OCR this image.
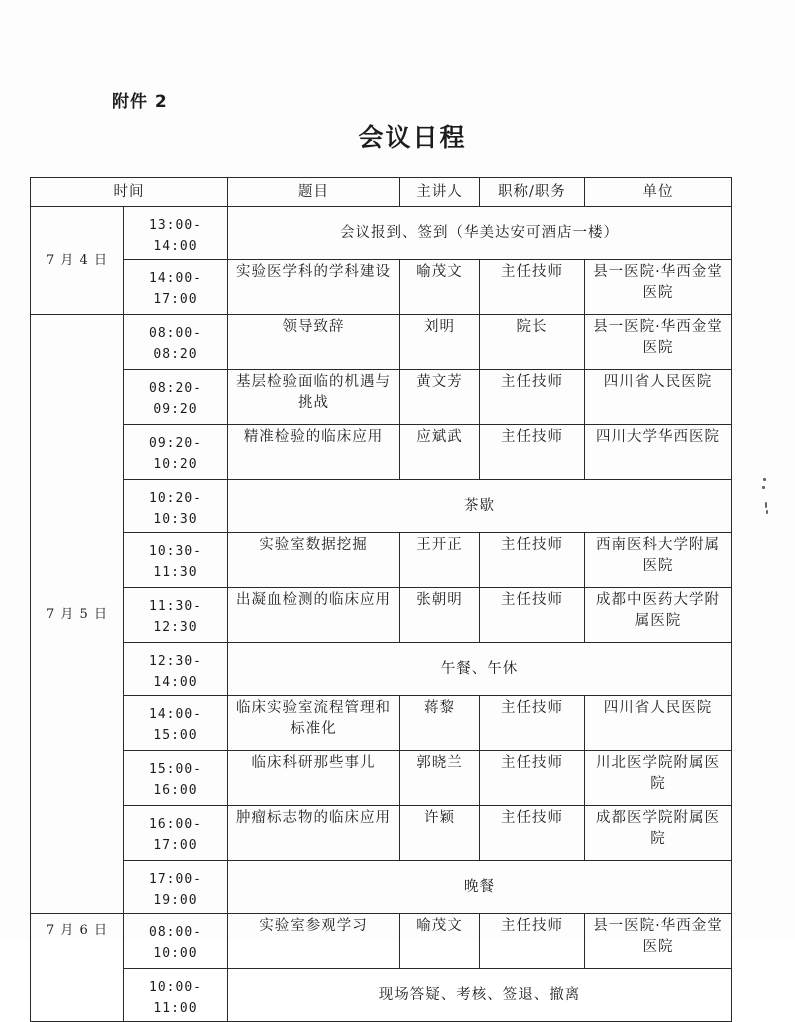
附件 2
会议日程
时间		题目	主讲人	职称/职务	单位
7 月 4 日	13:00-14:00	会议报到、签到（华美达安可酒店一楼）			
	14:00-17:00	实验医学科的学科建设	喻茂文	主任技师	县一医院·华西金堂医院
7 月 5 日	08:00-08:20	领导致辞	刘明	院长	县一医院·华西金堂医院
	08:20-09:20	基层检验面临的机遇与挑战	黄文芳	主任技师	四川省人民医院
	09:20-10:20	精准检验的临床应用	应斌武	主任技师	四川大学华西医院
	10:20-10:30	茶歇			
	10:30-11:30	实验室数据挖掘	王开正	主任技师	西南医科大学附属医院
	11:30-12:30	出凝血检测的临床应用	张朝明	主任技师	成都中医药大学附属医院
	12:30-14:00	午餐、午休			
	14:00-15:00	临床实验室流程管理和标准化	蒋黎	主任技师	四川省人民医院
	15:00-16:00	临床科研那些事儿	郭晓兰	主任技师	川北医学院附属医院
	16:00-17:00	肿瘤标志物的临床应用	许颖	主任技师	成都医学院附属医院
	17:00-19:00	晚餐			
7 月 6 日	08:00-10:00	实验室参观学习	喻茂文	主任技师	县一医院·华西金堂医院
	10:00-11:00	现场答疑、考核、签退、撤离			
